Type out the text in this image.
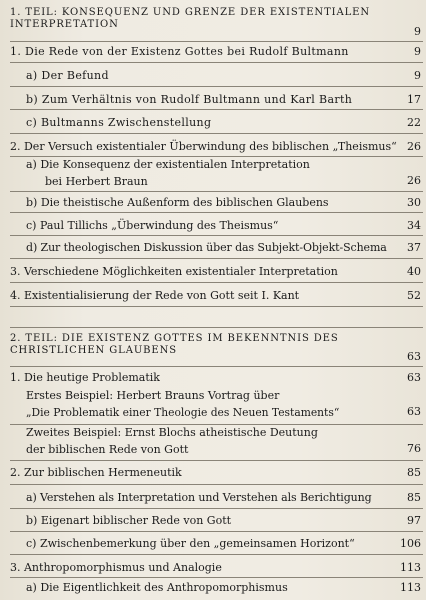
1. TEIL: KONSEQUENZ UND GRENZE DER EXISTENTIALEN INTERPRETATION
9
1. Die Rede von der Existenz Gottes bei Rudolf Bultmann	9
a) Der Befund	9
b) Zum Verhältnis von Rudolf Bultmann und Karl Barth	17
c) Bultmanns Zwischenstellung	22
2. Der Versuch existentialer Überwindung des biblischen „Theismus“ 26
a) Die Konsequenz der existentialen Interpretation
bei Herbert Braun	26
b) Die theistische Außenform des biblischen Glaubens	30
c) Paul Tillichs „Überwindung des Theismus“	34
d) Zur theologischen Diskussion über das Subjekt-Objekt-Schema 37
3. Verschiedene Möglichkeiten existentialer Interpretation	40
4. Existentialisierung der Rede von Gott seit I. Kant	52
2. TEIL: DIE EXISTENZ GOTTES IM BEKENNTNIS DES CHRISTLICHEN GLAUBENS	63
1. Die heutige Problematik	63
Erstes Beispiel: Herbert Brauns Vortrag über
„Die Problematik einer Theologie des Neuen Testaments“	63
Zweites Beispiel: Ernst Blochs atheistische Deutung
der biblischen Rede von Gott	76
2. Zur biblischen Hermeneutik	85
a) Verstehen als Interpretation und Verstehen als Berichtigung	85
b) Eigenart biblischer Rede von Gott	97
c) Zwischenbemerkung über den „gemeinsamen Horizont“	106
3. Anthropomorphismus und Analogie	113
a) Die Eigentlichkeit des Anthropomorphismus	113
